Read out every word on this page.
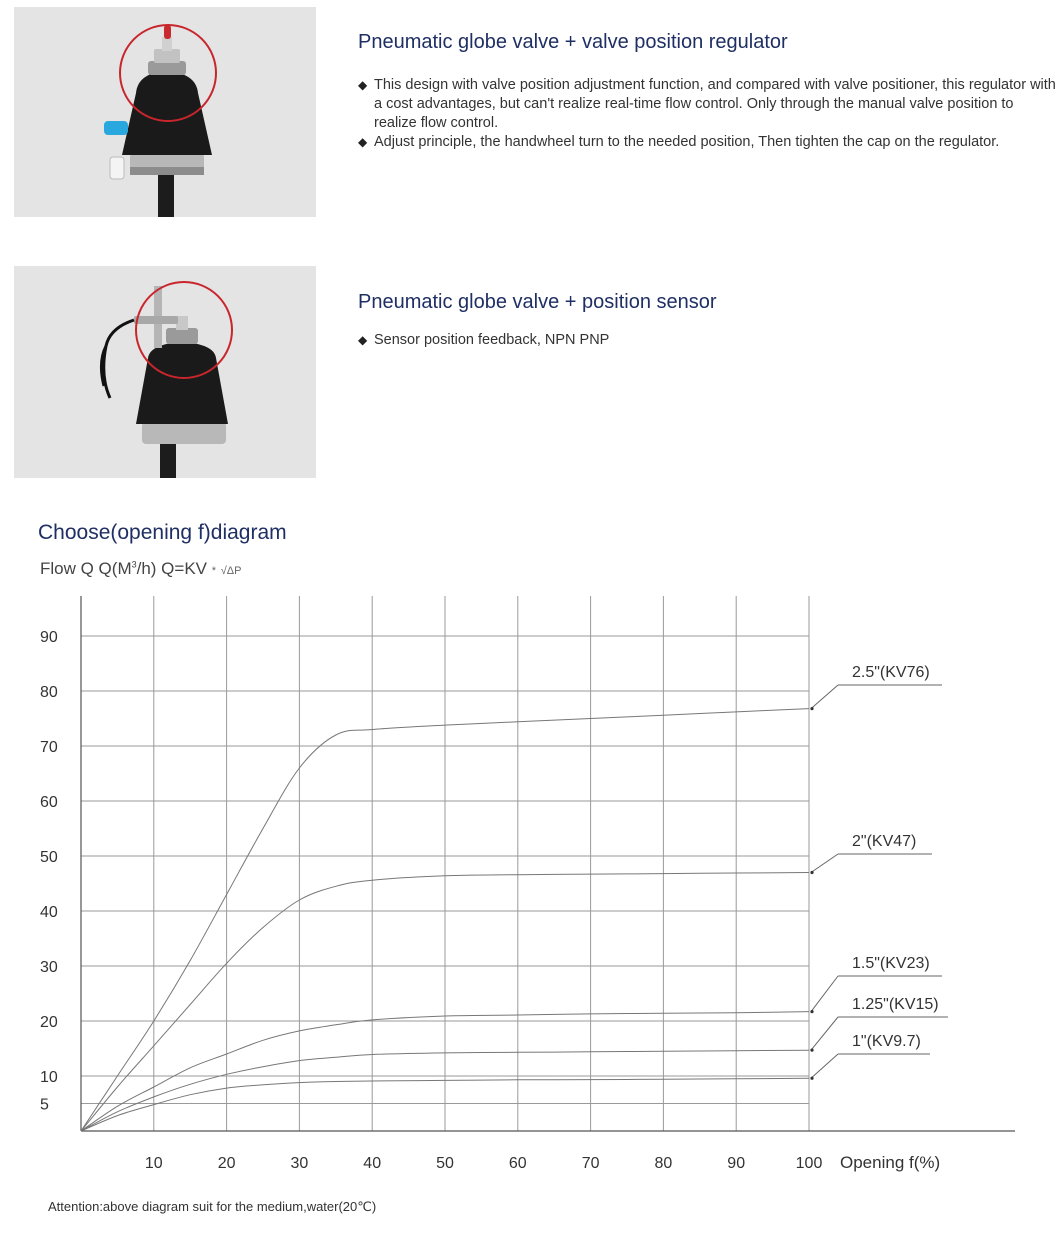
Pneumatic globe valve + valve position regulator
◆ This design with valve position adjustment function, and compared with valve positioner, this regulator with a cost advantages, but can't realize real-time flow control. Only through the manual valve position to realize flow control.
◆ Adjust principle, the handwheel turn to the needed position, Then tighten the cap on the regulator.
Pneumatic globe valve + position sensor
◆ Sensor position feedback, NPN PNP
Choose(opening f)diagram
Flow Q $Q(M^3/h)$ Q=KV * √ΔP
10	20	30	40	50	60	70	80	90	100
5
10
20
30
40
50
60
70
80
90
2.5"(KV76)
2"(KV47)
1.5"(KV23)
1.25"(KV15)
1"(KV9.7)
Opening f(%)
Attention:above diagram suit for the medium,water(20℃)
